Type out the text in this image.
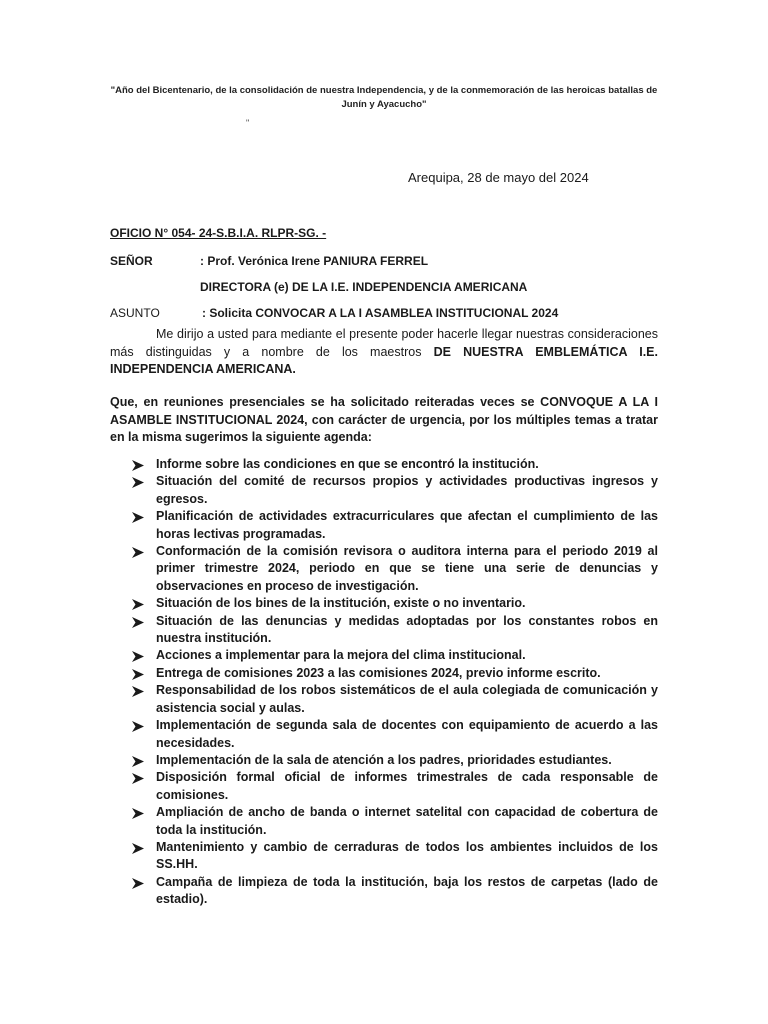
"Año del Bicentenario, de la consolidación de nuestra Independencia, y de la conmemoración de las heroicas batallas de Junín y Ayacucho"
"
Arequipa, 28 de mayo del 2024
OFICIO N° 054- 24-S.B.I.A. RLPR-SG. -
SEÑOR	: Prof. Verónica Irene PANIURA FERREL
DIRECTORA (e) DE LA I.E. INDEPENDENCIA AMERICANA
ASUNTO	: Solicita CONVOCAR A LA I ASAMBLEA INSTITUCIONAL 2024
Me dirijo a usted para mediante el presente poder hacerle llegar nuestras consideraciones más distinguidas y a nombre de los maestros DE NUESTRA EMBLEMÁTICA I.E. INDEPENDENCIA AMERICANA.
Que, en reuniones presenciales se ha solicitado reiteradas veces se CONVOQUE A LA I ASAMBLE INSTITUCIONAL 2024, con carácter de urgencia, por los múltiples temas a tratar en la misma sugerimos la siguiente agenda:
Informe sobre las condiciones en que se encontró la institución.
Situación del comité de recursos propios y actividades productivas ingresos y egresos.
Planificación de actividades extracurriculares que afectan el cumplimiento de las horas lectivas programadas.
Conformación de la comisión revisora o auditora interna para el periodo 2019 al primer trimestre 2024, periodo en que se tiene una serie de denuncias y observaciones en proceso de investigación.
Situación de los bines de la institución, existe o no inventario.
Situación de las denuncias y medidas adoptadas por los constantes robos en nuestra institución.
Acciones a implementar para la mejora del clima institucional.
Entrega de comisiones 2023 a las comisiones 2024, previo informe escrito.
Responsabilidad de los robos sistemáticos de el aula colegiada de comunicación y asistencia social y aulas.
Implementación de segunda sala de docentes con equipamiento de acuerdo a las necesidades.
Implementación de la sala de atención a los padres, prioridades estudiantes.
Disposición formal oficial de informes trimestrales de cada responsable de comisiones.
Ampliación de ancho de banda o internet satelital con capacidad de cobertura de toda la institución.
Mantenimiento y cambio de cerraduras de todos los ambientes incluidos de los SS.HH.
Campaña de limpieza de toda la institución, baja los restos de carpetas (lado de estadio).
